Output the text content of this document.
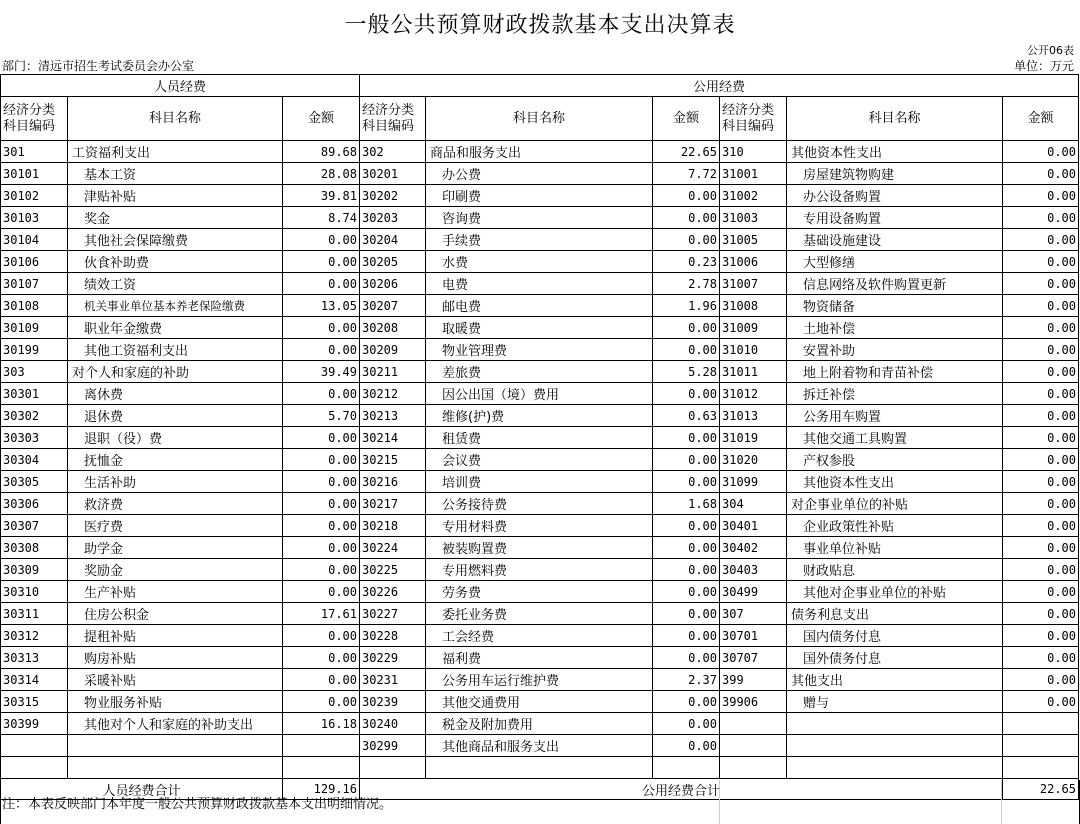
一般公共预算财政拨款基本支出决算表
公开06表
部门：清远市招生考试委员会办公室	单位：万元
人员经费			公用经费					
经济分类科目编码	科目名称	金额	经济分类科目编码	科目名称	金额	经济分类科目编码	科目名称	金额
301	工资福利支出	89.68	302	商品和服务支出	22.65	310	其他资本性支出	0.00
30101	基本工资	28.08	30201	办公费	7.72	31001	房屋建筑物购建	0.00
30102	津贴补贴	39.81	30202	印刷费	0.00	31002	办公设备购置	0.00
30103	奖金	8.74	30203	咨询费	0.00	31003	专用设备购置	0.00
30104	其他社会保障缴费	0.00	30204	手续费	0.00	31005	基础设施建设	0.00
30106	伙食补助费	0.00	30205	水费	0.23	31006	大型修缮	0.00
30107	绩效工资	0.00	30206	电费	2.78	31007	信息网络及软件购置更新	0.00
30108	机关事业单位基本养老保险缴费	13.05	30207	邮电费	1.96	31008	物资储备	0.00
30109	职业年金缴费	0.00	30208	取暖费	0.00	31009	土地补偿	0.00
30199	其他工资福利支出	0.00	30209	物业管理费	0.00	31010	安置补助	0.00
303	对个人和家庭的补助	39.49	30211	差旅费	5.28	31011	地上附着物和青苗补偿	0.00
30301	离休费	0.00	30212	因公出国（境）费用	0.00	31012	拆迁补偿	0.00
30302	退休费	5.70	30213	维修(护)费	0.63	31013	公务用车购置	0.00
30303	退职（役）费	0.00	30214	租赁费	0.00	31019	其他交通工具购置	0.00
30304	抚恤金	0.00	30215	会议费	0.00	31020	产权参股	0.00
30305	生活补助	0.00	30216	培训费	0.00	31099	其他资本性支出	0.00
30306	救济费	0.00	30217	公务接待费	1.68	304	对企事业单位的补贴	0.00
30307	医疗费	0.00	30218	专用材料费	0.00	30401	企业政策性补贴	0.00
30308	助学金	0.00	30224	被装购置费	0.00	30402	事业单位补贴	0.00
30309	奖励金	0.00	30225	专用燃料费	0.00	30403	财政贴息	0.00
30310	生产补贴	0.00	30226	劳务费	0.00	30499	其他对企事业单位的补贴	0.00
30311	住房公积金	17.61	30227	委托业务费	0.00	307	债务利息支出	0.00
30312	提租补贴	0.00	30228	工会经费	0.00	30701	国内债务付息	0.00
30313	购房补贴	0.00	30229	福利费	0.00	30707	国外债务付息	0.00
30314	采暖补贴	0.00	30231	公务用车运行维护费	2.37	399	其他支出	0.00
30315	物业服务补贴	0.00	30239	其他交通费用	0.00	39906	赠与	0.00
30399	其他对个人和家庭的补助支出	16.18	30240	税金及附加费用	0.00			
			30299	其他商品和服务支出	0.00			

人员经费合计		129.16	公用经费合计					22.65
注：本表反映部门本年度一般公共预算财政拨款基本支出明细情况。
